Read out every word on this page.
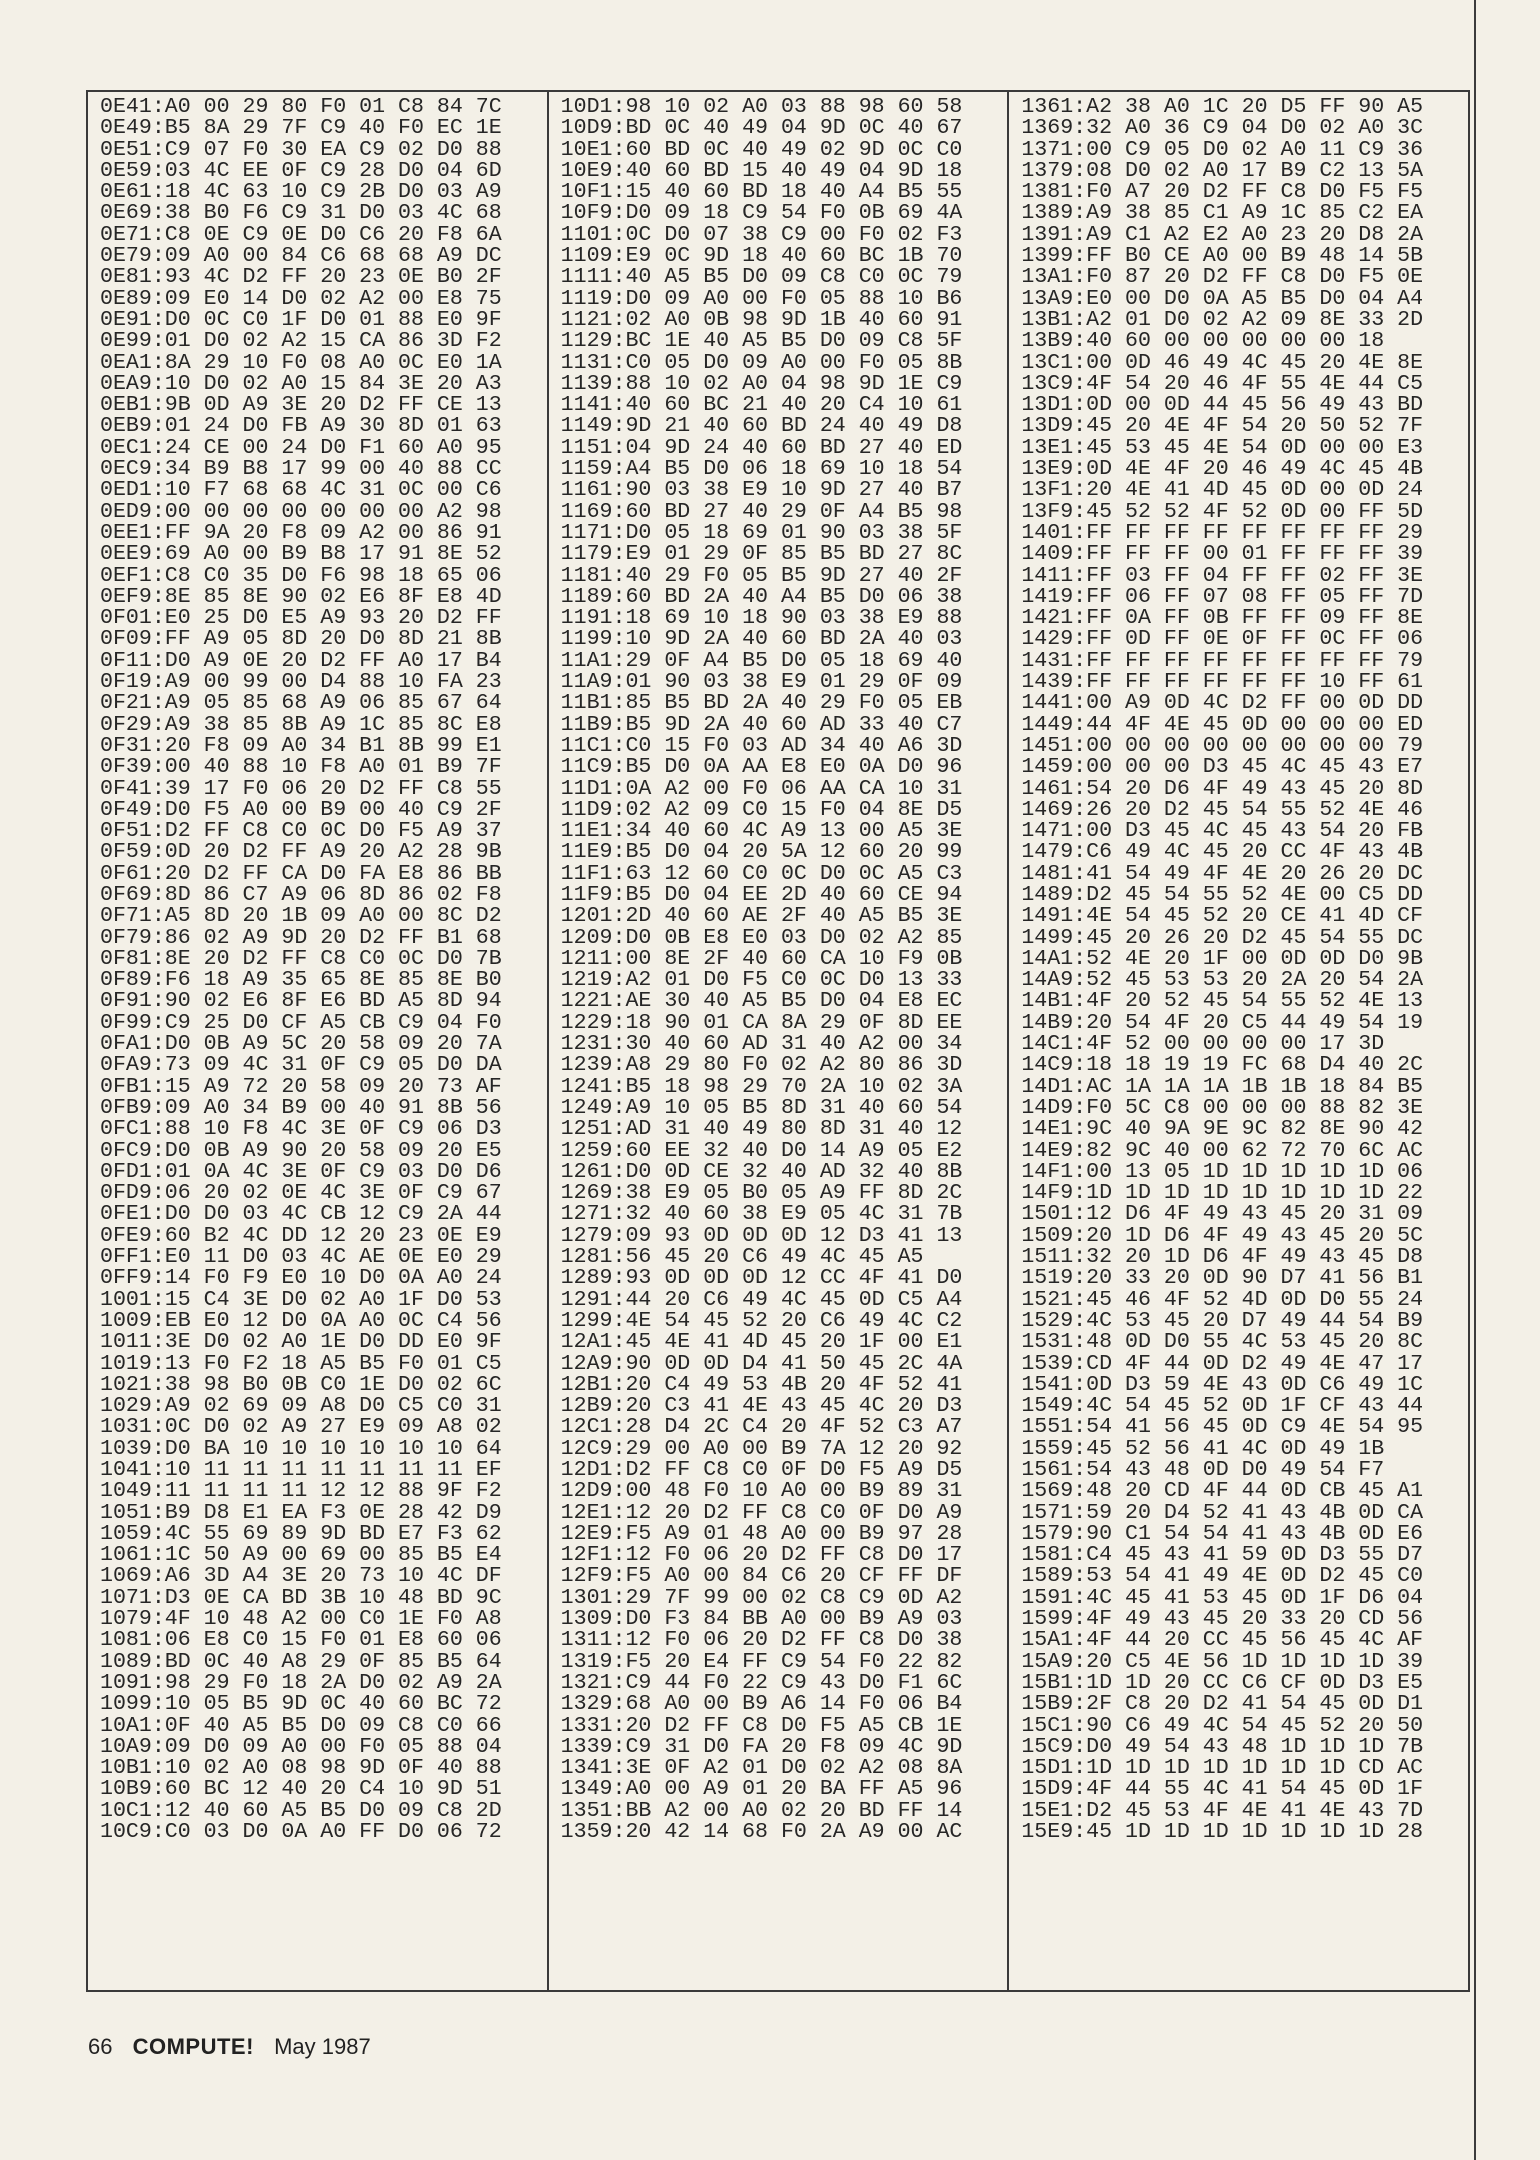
0E41:A0 00 29 80 F0 01 C8 84 7C
0E49:B5 8A 29 7F C9 40 F0 EC 1E
0E51:C9 07 F0 30 EA C9 02 D0 88
0E59:03 4C EE 0F C9 28 D0 04 6D
0E61:18 4C 63 10 C9 2B D0 03 A9
0E69:38 B0 F6 C9 31 D0 03 4C 68
0E71:C8 0E C9 0E D0 C6 20 F8 6A
0E79:09 A0 00 84 C6 68 68 A9 DC
0E81:93 4C D2 FF 20 23 0E B0 2F
0E89:09 E0 14 D0 02 A2 00 E8 75
0E91:D0 0C C0 1F D0 01 88 E0 9F
0E99:01 D0 02 A2 15 CA 86 3D F2
0EA1:8A 29 10 F0 08 A0 0C E0 1A
0EA9:10 D0 02 A0 15 84 3E 20 A3
0EB1:9B 0D A9 3E 20 D2 FF CE 13
0EB9:01 24 D0 FB A9 30 8D 01 63
0EC1:24 CE 00 24 D0 F1 60 A0 95
0EC9:34 B9 B8 17 99 00 40 88 CC
0ED1:10 F7 68 68 4C 31 0C 00 C6
0ED9:00 00 00 00 00 00 00 A2 98
0EE1:FF 9A 20 F8 09 A2 00 86 91
0EE9:69 A0 00 B9 B8 17 91 8E 52
0EF1:C8 C0 35 D0 F6 98 18 65 06
0EF9:8E 85 8E 90 02 E6 8F E8 4D
0F01:E0 25 D0 E5 A9 93 20 D2 FF
0F09:FF A9 05 8D 20 D0 8D 21 8B
0F11:D0 A9 0E 20 D2 FF A0 17 B4
0F19:A9 00 99 00 D4 88 10 FA 23
0F21:A9 05 85 68 A9 06 85 67 64
0F29:A9 38 85 8B A9 1C 85 8C E8
0F31:20 F8 09 A0 34 B1 8B 99 E1
0F39:00 40 88 10 F8 A0 01 B9 7F
0F41:39 17 F0 06 20 D2 FF C8 55
0F49:D0 F5 A0 00 B9 00 40 C9 2F
0F51:D2 FF C8 C0 0C D0 F5 A9 37
0F59:0D 20 D2 FF A9 20 A2 28 9B
0F61:20 D2 FF CA D0 FA E8 86 BB
0F69:8D 86 C7 A9 06 8D 86 02 F8
0F71:A5 8D 20 1B 09 A0 00 8C D2
0F79:86 02 A9 9D 20 D2 FF B1 68
0F81:8E 20 D2 FF C8 C0 0C D0 7B
0F89:F6 18 A9 35 65 8E 85 8E B0
0F91:90 02 E6 8F E6 BD A5 8D 94
0F99:C9 25 D0 CF A5 CB C9 04 F0
0FA1:D0 0B A9 5C 20 58 09 20 7A
0FA9:73 09 4C 31 0F C9 05 D0 DA
0FB1:15 A9 72 20 58 09 20 73 AF
0FB9:09 A0 34 B9 00 40 91 8B 56
0FC1:88 10 F8 4C 3E 0F C9 06 D3
0FC9:D0 0B A9 90 20 58 09 20 E5
0FD1:01 0A 4C 3E 0F C9 03 D0 D6
0FD9:06 20 02 0E 4C 3E 0F C9 67
0FE1:D0 D0 03 4C CB 12 C9 2A 44
0FE9:60 B2 4C DD 12 20 23 0E E9
0FF1:E0 11 D0 03 4C AE 0E E0 29
0FF9:14 F0 F9 E0 10 D0 0A A0 24
1001:15 C4 3E D0 02 A0 1F D0 53
1009:EB E0 12 D0 0A A0 0C C4 56
1011:3E D0 02 A0 1E D0 DD E0 9F
1019:13 F0 F2 18 A5 B5 F0 01 C5
1021:38 98 B0 0B C0 1E D0 02 6C
1029:A9 02 69 09 A8 D0 C5 C0 31
1031:0C D0 02 A9 27 E9 09 A8 02
1039:D0 BA 10 10 10 10 10 10 64
1041:10 11 11 11 11 11 11 11 EF
1049:11 11 11 11 12 12 88 9F F2
1051:B9 D8 E1 EA F3 0E 28 42 D9
1059:4C 55 69 89 9D BD E7 F3 62
1061:1C 50 A9 00 69 00 85 B5 E4
1069:A6 3D A4 3E 20 73 10 4C DF
1071:D3 0E CA BD 3B 10 48 BD 9C
1079:4F 10 48 A2 00 C0 1E F0 A8
1081:06 E8 C0 15 F0 01 E8 60 06
1089:BD 0C 40 A8 29 0F 85 B5 64
1091:98 29 F0 18 2A D0 02 A9 2A
1099:10 05 B5 9D 0C 40 60 BC 72
10A1:0F 40 A5 B5 D0 09 C8 C0 66
10A9:09 D0 09 A0 00 F0 05 88 04
10B1:10 02 A0 08 98 9D 0F 40 88
10B9:60 BC 12 40 20 C4 10 9D 51
10C1:12 40 60 A5 B5 D0 09 C8 2D
10C9:C0 03 D0 0A A0 FF D0 06 72
10D1:98 10 02 A0 03 88 98 60 58
10D9:BD 0C 40 49 04 9D 0C 40 67
10E1:60 BD 0C 40 49 02 9D 0C C0
10E9:40 60 BD 15 40 49 04 9D 18
10F1:15 40 60 BD 18 40 A4 B5 55
10F9:D0 09 18 C9 54 F0 0B 69 4A
1101:0C D0 07 38 C9 00 F0 02 F3
1109:E9 0C 9D 18 40 60 BC 1B 70
1111:40 A5 B5 D0 09 C8 C0 0C 79
1119:D0 09 A0 00 F0 05 88 10 B6
1121:02 A0 0B 98 9D 1B 40 60 91
1129:BC 1E 40 A5 B5 D0 09 C8 5F
1131:C0 05 D0 09 A0 00 F0 05 8B
1139:88 10 02 A0 04 98 9D 1E C9
1141:40 60 BC 21 40 20 C4 10 61
1149:9D 21 40 60 BD 24 40 49 D8
1151:04 9D 24 40 60 BD 27 40 ED
1159:A4 B5 D0 06 18 69 10 18 54
1161:90 03 38 E9 10 9D 27 40 B7
1169:60 BD 27 40 29 0F A4 B5 98
1171:D0 05 18 69 01 90 03 38 5F
1179:E9 01 29 0F 85 B5 BD 27 8C
1181:40 29 F0 05 B5 9D 27 40 2F
1189:60 BD 2A 40 A4 B5 D0 06 38
1191:18 69 10 18 90 03 38 E9 88
1199:10 9D 2A 40 60 BD 2A 40 03
11A1:29 0F A4 B5 D0 05 18 69 40
11A9:01 90 03 38 E9 01 29 0F 09
11B1:85 B5 BD 2A 40 29 F0 05 EB
11B9:B5 9D 2A 40 60 AD 33 40 C7
11C1:C0 15 F0 03 AD 34 40 A6 3D
11C9:B5 D0 0A AA E8 E0 0A D0 96
11D1:0A A2 00 F0 06 AA CA 10 31
11D9:02 A2 09 C0 15 F0 04 8E D5
11E1:34 40 60 4C A9 13 00 A5 3E
11E9:B5 D0 04 20 5A 12 60 20 99
11F1:63 12 60 C0 0C D0 0C A5 C3
11F9:B5 D0 04 EE 2D 40 60 CE 94
1201:2D 40 60 AE 2F 40 A5 B5 3E
1209:D0 0B E8 E0 03 D0 02 A2 85
1211:00 8E 2F 40 60 CA 10 F9 0B
1219:A2 01 D0 F5 C0 0C D0 13 33
1221:AE 30 40 A5 B5 D0 04 E8 EC
1229:18 90 01 CA 8A 29 0F 8D EE
1231:30 40 60 AD 31 40 A2 00 34
1239:A8 29 80 F0 02 A2 80 86 3D
1241:B5 18 98 29 70 2A 10 02 3A
1249:A9 10 05 B5 8D 31 40 60 54
1251:AD 31 40 49 80 8D 31 40 12
1259:60 EE 32 40 D0 14 A9 05 E2
1261:D0 0D CE 32 40 AD 32 40 8B
1269:38 E9 05 B0 05 A9 FF 8D 2C
1271:32 40 60 38 E9 05 4C 31 7B
1279:09 93 0D 0D 0D 12 D3 41 13
1281:56 45 20 C6 49 4C 45 A5
1289:93 0D 0D 0D 12 CC 4F 41 D0
1291:44 20 C6 49 4C 45 0D C5 A4
1299:4E 54 45 52 20 C6 49 4C C2
12A1:45 4E 41 4D 45 20 1F 00 E1
12A9:90 0D 0D D4 41 50 45 2C 4A
12B1:20 C4 49 53 4B 20 4F 52 41
12B9:20 C3 41 4E 43 45 4C 20 D3
12C1:28 D4 2C C4 20 4F 52 C3 A7
12C9:29 00 A0 00 B9 7A 12 20 92
12D1:D2 FF C8 C0 0F D0 F5 A9 D5
12D9:00 48 F0 10 A0 00 B9 89 31
12E1:12 20 D2 FF C8 C0 0F D0 A9
12E9:F5 A9 01 48 A0 00 B9 97 28
12F1:12 F0 06 20 D2 FF C8 D0 17
12F9:F5 A0 00 84 C6 20 CF FF DF
1301:29 7F 99 00 02 C8 C9 0D A2
1309:D0 F3 84 BB A0 00 B9 A9 03
1311:12 F0 06 20 D2 FF C8 D0 38
1319:F5 20 E4 FF C9 54 F0 22 82
1321:C9 44 F0 22 C9 43 D0 F1 6C
1329:68 A0 00 B9 A6 14 F0 06 B4
1331:20 D2 FF C8 D0 F5 A5 CB 1E
1339:C9 31 D0 FA 20 F8 09 4C 9D
1341:3E 0F A2 01 D0 02 A2 08 8A
1349:A0 00 A9 01 20 BA FF A5 96
1351:BB A2 00 A0 02 20 BD FF 14
1359:20 42 14 68 F0 2A A9 00 AC
1361:A2 38 A0 1C 20 D5 FF 90 A5
1369:32 A0 36 C9 04 D0 02 A0 3C
1371:00 C9 05 D0 02 A0 11 C9 36
1379:08 D0 02 A0 17 B9 C2 13 5A
1381:F0 A7 20 D2 FF C8 D0 F5 F5
1389:A9 38 85 C1 A9 1C 85 C2 EA
1391:A9 C1 A2 E2 A0 23 20 D8 2A
1399:FF B0 CE A0 00 B9 48 14 5B
13A1:F0 87 20 D2 FF C8 D0 F5 0E
13A9:E0 00 D0 0A A5 B5 D0 04 A4
13B1:A2 01 D0 02 A2 09 8E 33 2D
13B9:40 60 00 00 00 00 00 18
13C1:00 0D 46 49 4C 45 20 4E 8E
13C9:4F 54 20 46 4F 55 4E 44 C5
13D1:0D 00 0D 44 45 56 49 43 BD
13D9:45 20 4E 4F 54 20 50 52 7F
13E1:45 53 45 4E 54 0D 00 00 E3
13E9:0D 4E 4F 20 46 49 4C 45 4B
13F1:20 4E 41 4D 45 0D 00 0D 24
13F9:45 52 52 4F 52 0D 00 FF 5D
1401:FF FF FF FF FF FF FF FF 29
1409:FF FF FF 00 01 FF FF FF 39
1411:FF 03 FF 04 FF FF 02 FF 3E
1419:FF 06 FF 07 08 FF 05 FF 7D
1421:FF 0A FF 0B FF FF 09 FF 8E
1429:FF 0D FF 0E 0F FF 0C FF 06
1431:FF FF FF FF FF FF FF FF 79
1439:FF FF FF FF FF FF 10 FF 61
1441:00 A9 0D 4C D2 FF 00 0D DD
1449:44 4F 4E 45 0D 00 00 00 ED
1451:00 00 00 00 00 00 00 00 79
1459:00 00 00 D3 45 4C 45 43 E7
1461:54 20 D6 4F 49 43 45 20 8D
1469:26 20 D2 45 54 55 52 4E 46
1471:00 D3 45 4C 45 43 54 20 FB
1479:C6 49 4C 45 20 CC 4F 43 4B
1481:41 54 49 4F 4E 20 26 20 DC
1489:D2 45 54 55 52 4E 00 C5 DD
1491:4E 54 45 52 20 CE 41 4D CF
1499:45 20 26 20 D2 45 54 55 DC
14A1:52 4E 20 1F 00 0D 0D D0 9B
14A9:52 45 53 53 20 2A 20 54 2A
14B1:4F 20 52 45 54 55 52 4E 13
14B9:20 54 4F 20 C5 44 49 54 19
14C1:4F 52 00 00 00 00 17 3D
14C9:18 18 19 19 FC 68 D4 40 2C
14D1:AC 1A 1A 1A 1B 1B 18 84 B5
14D9:F0 5C C8 00 00 00 88 82 3E
14E1:9C 40 9A 9E 9C 82 8E 90 42
14E9:82 9C 40 00 62 72 70 6C AC
14F1:00 13 05 1D 1D 1D 1D 1D 06
14F9:1D 1D 1D 1D 1D 1D 1D 1D 22
1501:12 D6 4F 49 43 45 20 31 09
1509:20 1D D6 4F 49 43 45 20 5C
1511:32 20 1D D6 4F 49 43 45 D8
1519:20 33 20 0D 90 D7 41 56 B1
1521:45 46 4F 52 4D 0D D0 55 24
1529:4C 53 45 20 D7 49 44 54 B9
1531:48 0D D0 55 4C 53 45 20 8C
1539:CD 4F 44 0D D2 49 4E 47 17
1541:0D D3 59 4E 43 0D C6 49 1C
1549:4C 54 45 52 0D 1F CF 43 44
1551:54 41 56 45 0D C9 4E 54 95
1559:45 52 56 41 4C 0D 49 1B
1561:54 43 48 0D D0 49 54 F7
1569:48 20 CD 4F 44 0D CB 45 A1
1571:59 20 D4 52 41 43 4B 0D CA
1579:90 C1 54 54 41 43 4B 0D E6
1581:C4 45 43 41 59 0D D3 55 D7
1589:53 54 41 49 4E 0D D2 45 C0
1591:4C 45 41 53 45 0D 1F D6 04
1599:4F 49 43 45 20 33 20 CD 56
15A1:4F 44 20 CC 45 56 45 4C AF
15A9:20 C5 4E 56 1D 1D 1D 1D 39
15B1:1D 1D 20 CC C6 CF 0D D3 E5
15B9:2F C8 20 D2 41 54 45 0D D1
15C1:90 C6 49 4C 54 45 52 20 50
15C9:D0 49 54 43 48 1D 1D 1D 7B
15D1:1D 1D 1D 1D 1D 1D 1D CD AC
15D9:4F 44 55 4C 41 54 45 0D 1F
15E1:D2 45 53 4F 4E 41 4E 43 7D
15E9:45 1D 1D 1D 1D 1D 1D 1D 28
66 COMPUTE! May 1987
